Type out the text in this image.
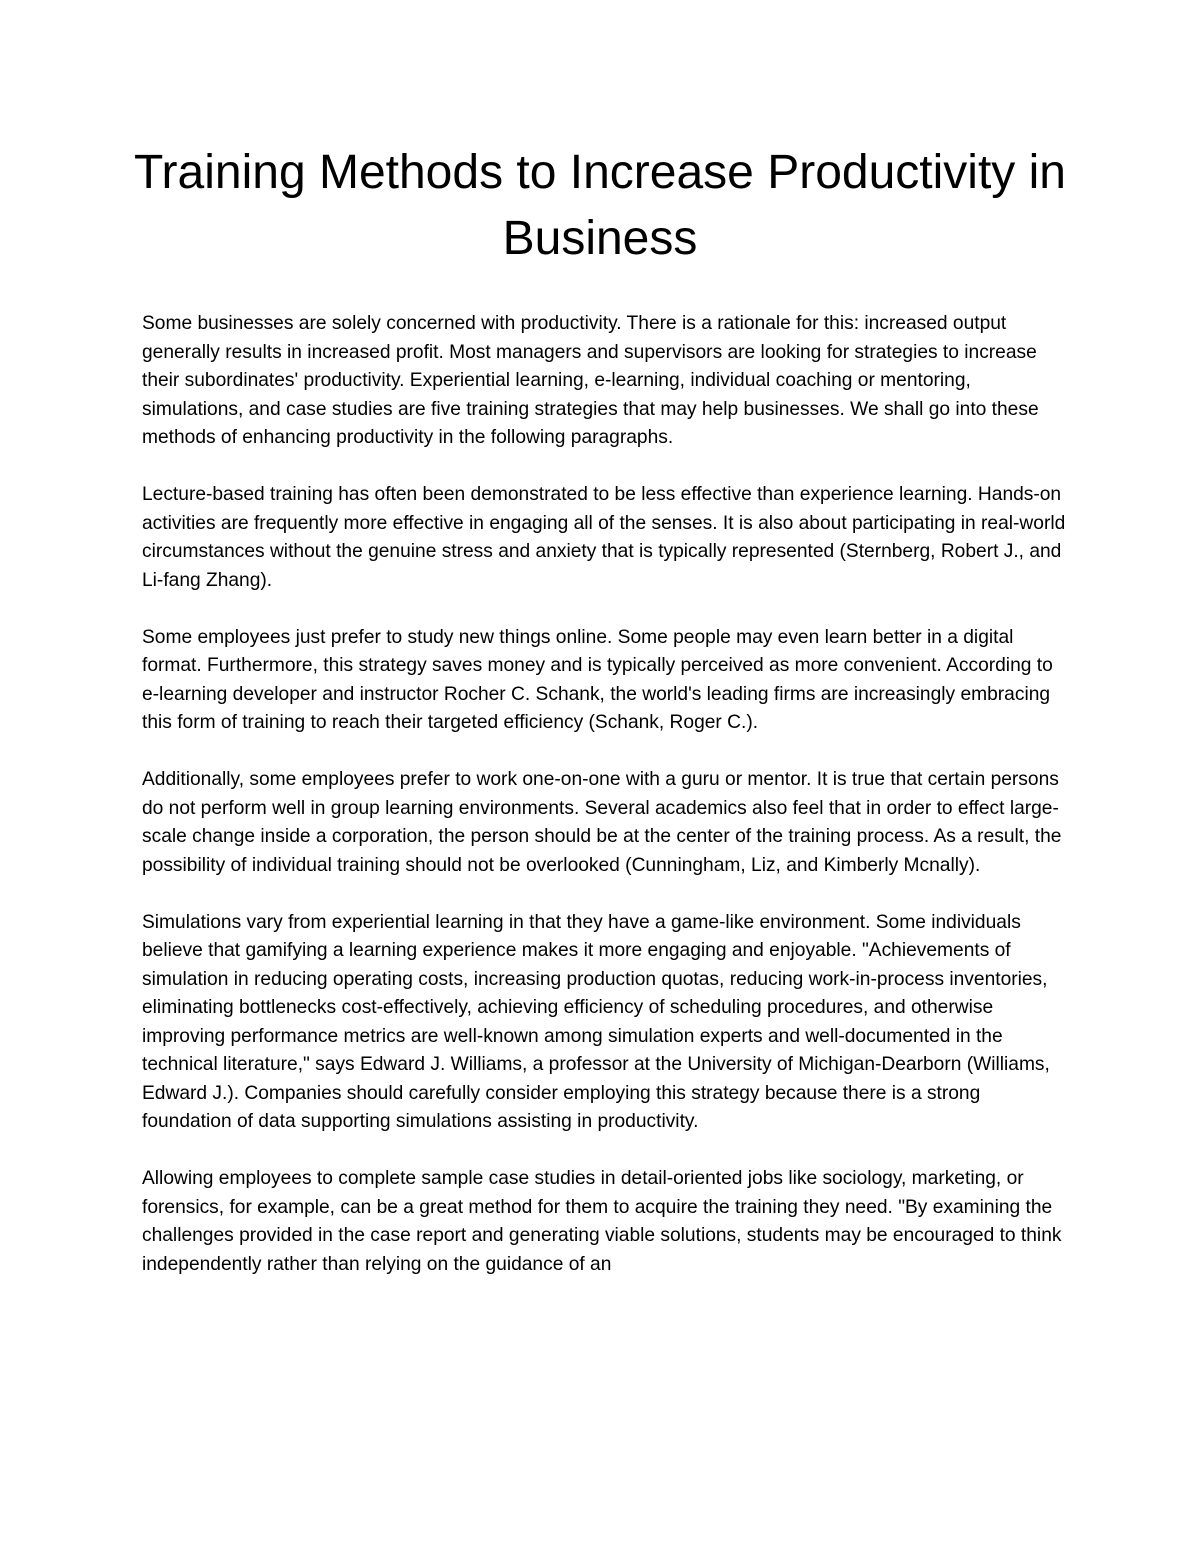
Training Methods to Increase Productivity in Business

Some businesses are solely concerned with productivity. There is a rationale for this: increased output generally results in increased profit. Most managers and supervisors are looking for strategies to increase their subordinates' productivity. Experiential learning, e-learning, individual coaching or mentoring, simulations, and case studies are five training strategies that may help businesses. We shall go into these methods of enhancing productivity in the following paragraphs.

Lecture-based training has often been demonstrated to be less effective than experience learning. Hands-on activities are frequently more effective in engaging all of the senses. It is also about participating in real-world circumstances without the genuine stress and anxiety that is typically represented (Sternberg, Robert J., and Li-fang Zhang).

Some employees just prefer to study new things online. Some people may even learn better in a digital format. Furthermore, this strategy saves money and is typically perceived as more convenient. According to e-learning developer and instructor Rocher C. Schank, the world's leading firms are increasingly embracing this form of training to reach their targeted efficiency (Schank, Roger C.).

Additionally, some employees prefer to work one-on-one with a guru or mentor. It is true that certain persons do not perform well in group learning environments. Several academics also feel that in order to effect large-scale change inside a corporation, the person should be at the center of the training process. As a result, the possibility of individual training should not be overlooked (Cunningham, Liz, and Kimberly Mcnally).

Simulations vary from experiential learning in that they have a game-like environment. Some individuals believe that gamifying a learning experience makes it more engaging and enjoyable. "Achievements of simulation in reducing operating costs, increasing production quotas, reducing work-in-process inventories, eliminating bottlenecks cost-effectively, achieving efficiency of scheduling procedures, and otherwise improving performance metrics are well-known among simulation experts and well-documented in the technical literature," says Edward J. Williams, a professor at the University of Michigan-Dearborn (Williams, Edward J.). Companies should carefully consider employing this strategy because there is a strong foundation of data supporting simulations assisting in productivity.

Allowing employees to complete sample case studies in detail-oriented jobs like sociology, marketing, or forensics, for example, can be a great method for them to acquire the training they need. "By examining the challenges provided in the case report and generating viable solutions, students may be encouraged to think independently rather than relying on the guidance of an
